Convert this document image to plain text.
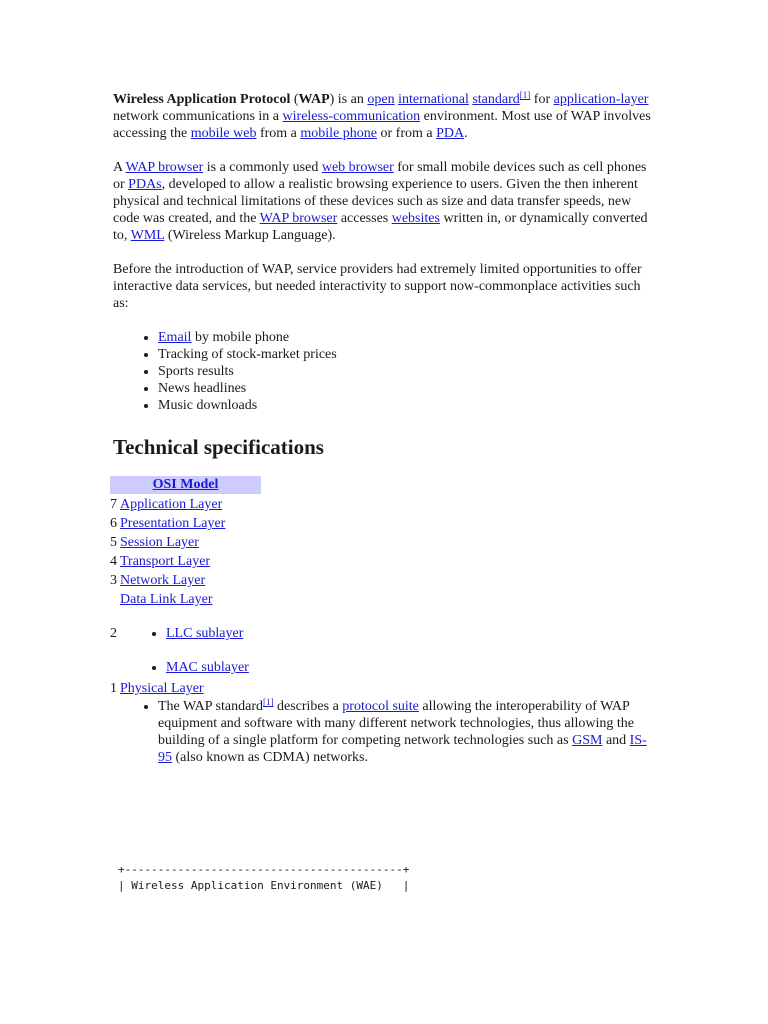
Wireless Application Protocol (WAP) is an open international standard[1] for application-layer network communications in a wireless-communication environment. Most use of WAP involves accessing the mobile web from a mobile phone or from a PDA.

A WAP browser is a commonly used web browser for small mobile devices such as cell phones or PDAs, developed to allow a realistic browsing experience to users. Given the then inherent physical and technical limitations of these devices such as size and data transfer speeds, new code was created, and the WAP browser accesses websites written in, or dynamically converted to, WML (Wireless Markup Language).

Before the introduction of WAP, service providers had extremely limited opportunities to offer interactive data services, but needed interactivity to support now-commonplace activities such as:

• Email by mobile phone
• Tracking of stock-market prices
• Sports results
• News headlines
• Music downloads
Technical specifications
OSI Model
7 Application Layer
6 Presentation Layer
5 Session Layer
4 Transport Layer
3 Network Layer
Data Link Layer
2
•	LLC sublayer
• MAC sublayer
1 Physical Layer
• The WAP standard[1] describes a protocol suite allowing the interoperability of WAP equipment and software with many different network technologies, thus allowing the building of a single platform for competing network technologies such as GSM and IS-95 (also known as CDMA) networks.
+------------------------------------------+
| Wireless Application Environment (WAE)   |
